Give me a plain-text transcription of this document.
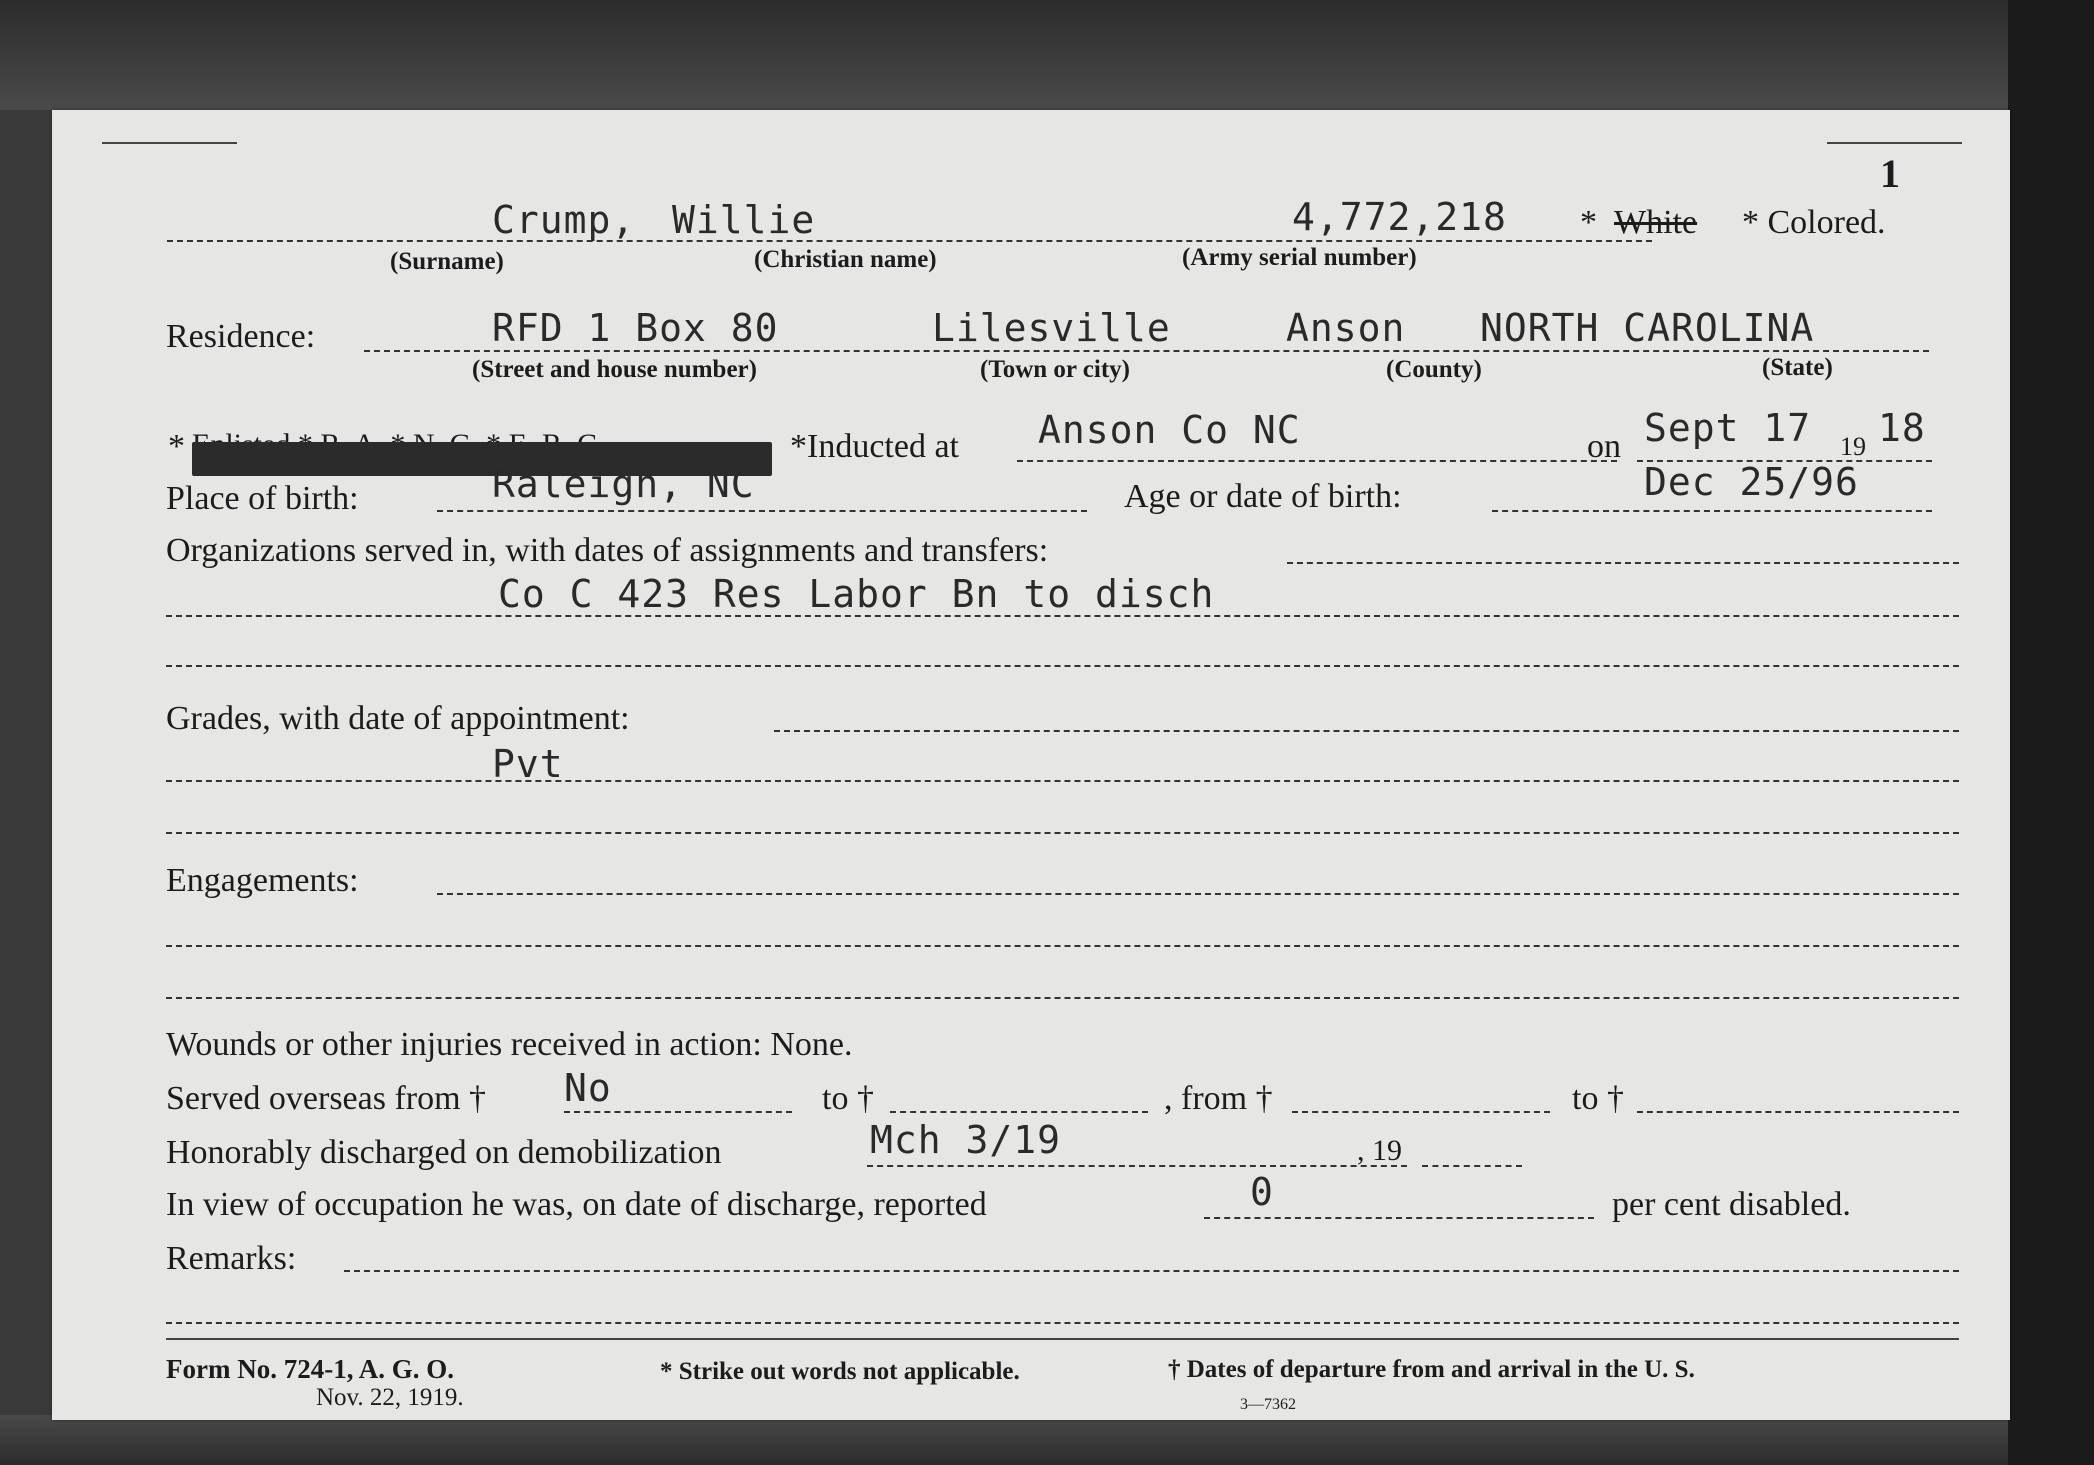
1
Crump, Willie	4,772,218 * White * Colored.
(Surname)	(Christian name)	(Army serial number)
Residence:	RFD 1 Box 80	Lilesville	Anson NORTH CAROLINA
(Street and house number)	(Town or city)	(County)	(State)
*	*Inducted at Anson Co NC	on Sept 17 19 18
Place of birth:	Raleigh, NC	Age or date of birth:	Dec 25/96
Organizations served in, with dates of assignments and transfers:
Co C 423 Res Labor Bn to disch
Grades, with date of appointment:
Pvt
Engagements:
Wounds or other injuries received in action: None.
Served overseas from † No	to †	, from †	to †
Honorably discharged on demobilization	Mch 3/19	, 19
In view of occupation he was, on date of discharge, reported	0	per cent disabled.
Remarks:
Form No. 724-1, A. G. O.
Nov. 22, 1919.
* Strike out words not applicable.	† Dates of departure from and arrival in the U. S.
3—7362
